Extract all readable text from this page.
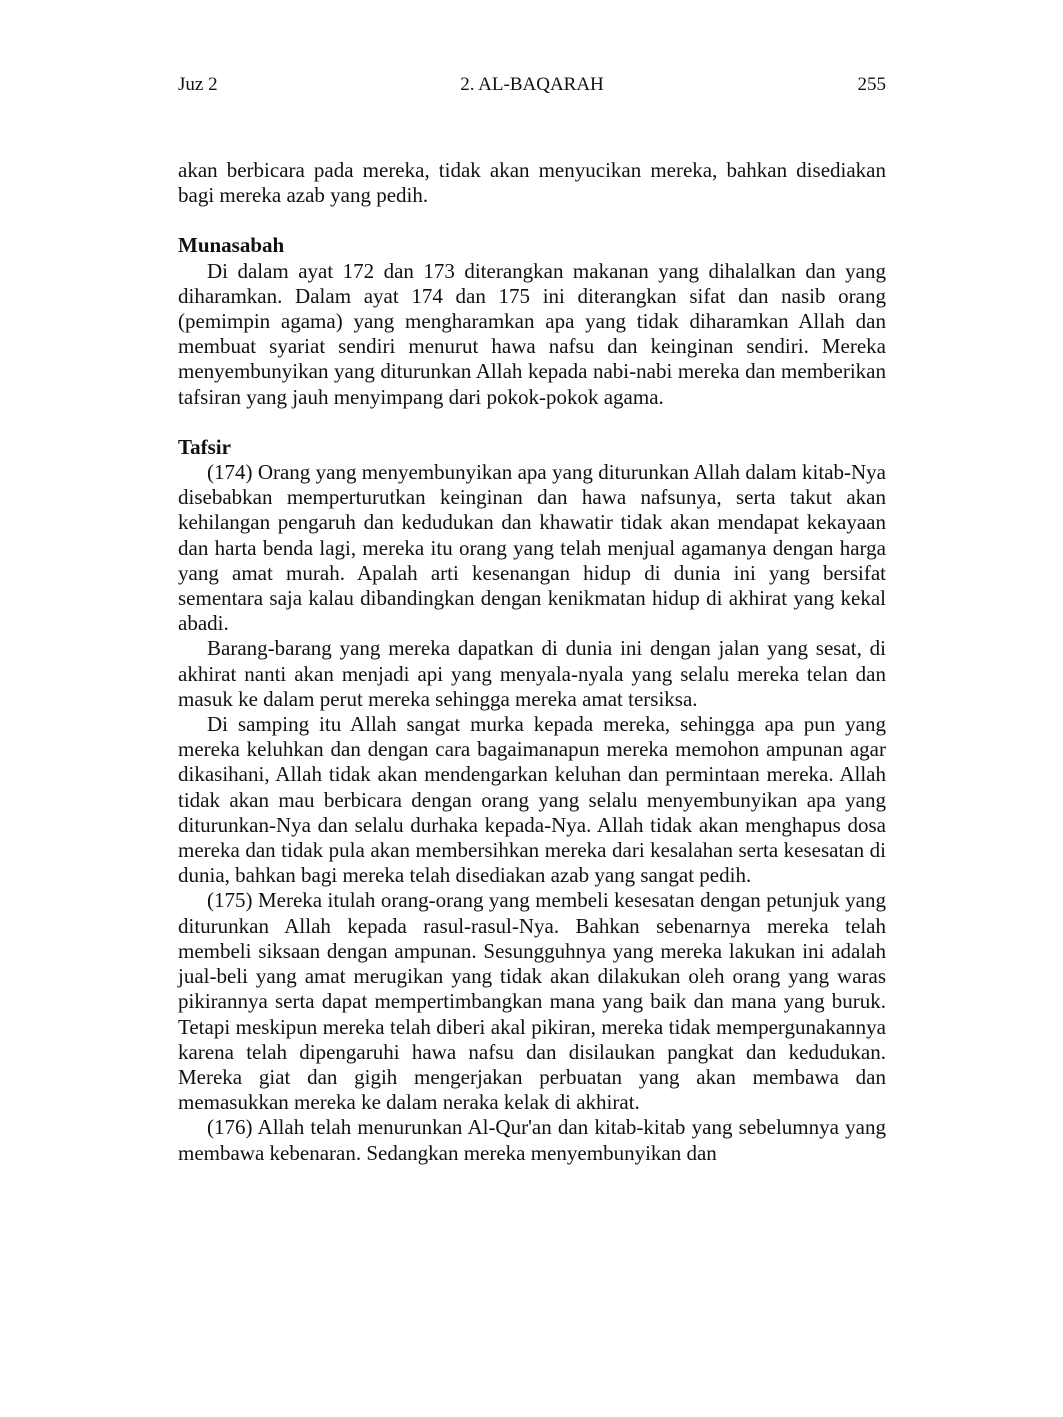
Juz 2	2. AL-BAQARAH	255

akan berbicara pada mereka, tidak akan menyucikan mereka, bahkan disediakan bagi mereka azab yang pedih.

Munasabah

Di dalam ayat 172 dan 173 diterangkan makanan yang dihalalkan dan yang diharamkan. Dalam ayat 174 dan 175 ini diterangkan sifat dan nasib orang (pemimpin agama) yang mengharamkan apa yang tidak diharamkan Allah dan membuat syariat sendiri menurut hawa nafsu dan keinginan sendiri. Mereka menyembunyikan yang diturunkan Allah kepada nabi-nabi mereka dan memberikan tafsiran yang jauh menyimpang dari pokok-pokok agama.

Tafsir

(174) Orang yang menyembunyikan apa yang diturunkan Allah dalam kitab-Nya disebabkan memperturutkan keinginan dan hawa nafsunya, serta takut akan kehilangan pengaruh dan kedudukan dan khawatir tidak akan mendapat kekayaan dan harta benda lagi, mereka itu orang yang telah menjual agamanya dengan harga yang amat murah. Apalah arti kesenangan hidup di dunia ini yang bersifat sementara saja kalau dibandingkan dengan kenikmatan hidup di akhirat yang kekal abadi.

Barang-barang yang mereka dapatkan di dunia ini dengan jalan yang sesat, di akhirat nanti akan menjadi api yang menyala-nyala yang selalu mereka telan dan masuk ke dalam perut mereka sehingga mereka amat tersiksa.

Di samping itu Allah sangat murka kepada mereka, sehingga apa pun yang mereka keluhkan dan dengan cara bagaimanapun mereka memohon ampunan agar dikasihani, Allah tidak akan mendengarkan keluhan dan permintaan mereka. Allah tidak akan mau berbicara dengan orang yang selalu menyembunyikan apa yang diturunkan-Nya dan selalu durhaka kepada-Nya. Allah tidak akan menghapus dosa mereka dan tidak pula akan membersihkan mereka dari kesalahan serta kesesatan di dunia, bahkan bagi mereka telah disediakan azab yang sangat pedih.

(175) Mereka itulah orang-orang yang membeli kesesatan dengan petunjuk yang diturunkan Allah kepada rasul-rasul-Nya. Bahkan sebenarnya mereka telah membeli siksaan dengan ampunan. Sesungguhnya yang mereka lakukan ini adalah jual-beli yang amat merugikan yang tidak akan dilakukan oleh orang yang waras pikirannya serta dapat mempertimbangkan mana yang baik dan mana yang buruk. Tetapi meskipun mereka telah diberi akal pikiran, mereka tidak mempergunakannya karena telah dipengaruhi hawa nafsu dan disilaukan pangkat dan kedudukan. Mereka giat dan gigih mengerjakan perbuatan yang akan membawa dan memasukkan mereka ke dalam neraka kelak di akhirat.

(176) Allah telah menurunkan Al-Qur'an dan kitab-kitab yang sebelumnya yang membawa kebenaran. Sedangkan mereka menyembunyikan dan
